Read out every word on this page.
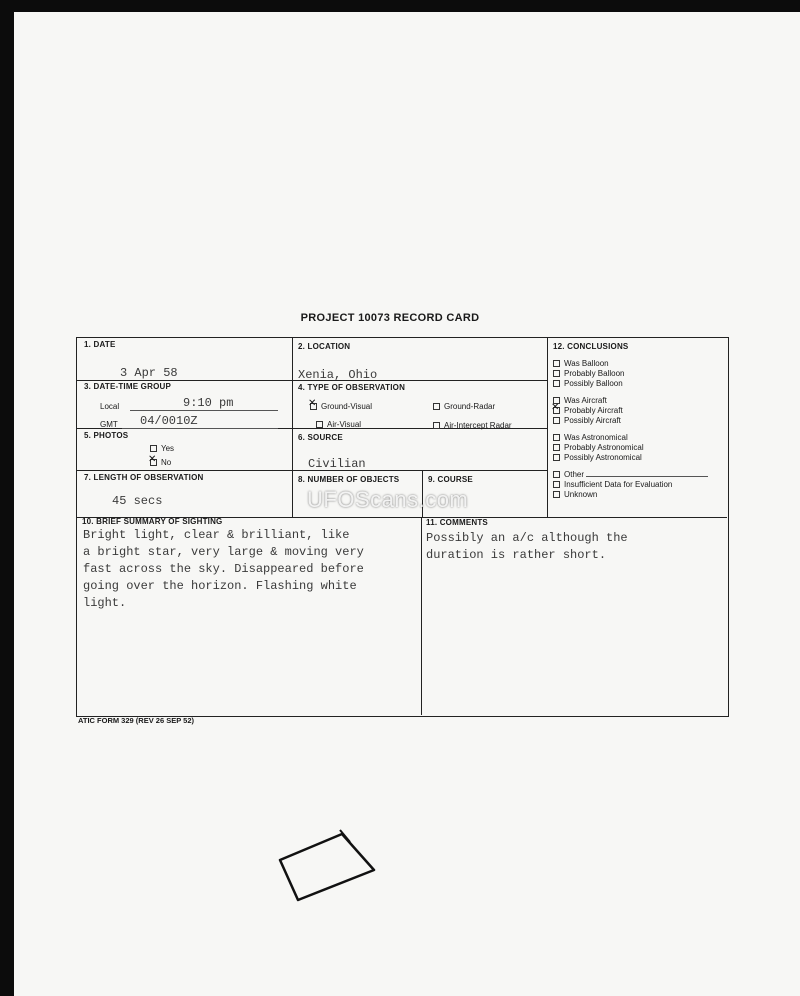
PROJECT 10073 RECORD CARD
1. DATE
3 Apr 58
2. LOCATION
Xenia, Ohio
3. DATE-TIME GROUP
Local	9:10 pm
GMT 04/0010Z
4. TYPE OF OBSERVATION
✕ Ground-Visual	Ground-Radar
Air-Visual	Air-Intercept Radar
5. PHOTOS
Yes
✕ No
6. SOURCE
Civilian
7. LENGTH OF OBSERVATION
45 secs
8. NUMBER OF OBJECTS	9. COURSE
10. BRIEF SUMMARY OF SIGHTING
Bright light, clear & brilliant, like
a bright star, very large & moving very
fast across the sky. Disappeared before
going over the horizon. Flashing white
light.
11. COMMENTS
Possibly an a/c although the
duration is rather short.
12. CONCLUSIONS
Was Balloon
Probably Balloon
Possibly Balloon
Was Aircraft
✕ Probably Aircraft
Possibly Aircraft
Was Astronomical
Probably Astronomical
Possibly Astronomical
Other
Insufficient Data for Evaluation
Unknown
UFOScans.com
ATIC FORM 329 (REV 26 SEP 52)
